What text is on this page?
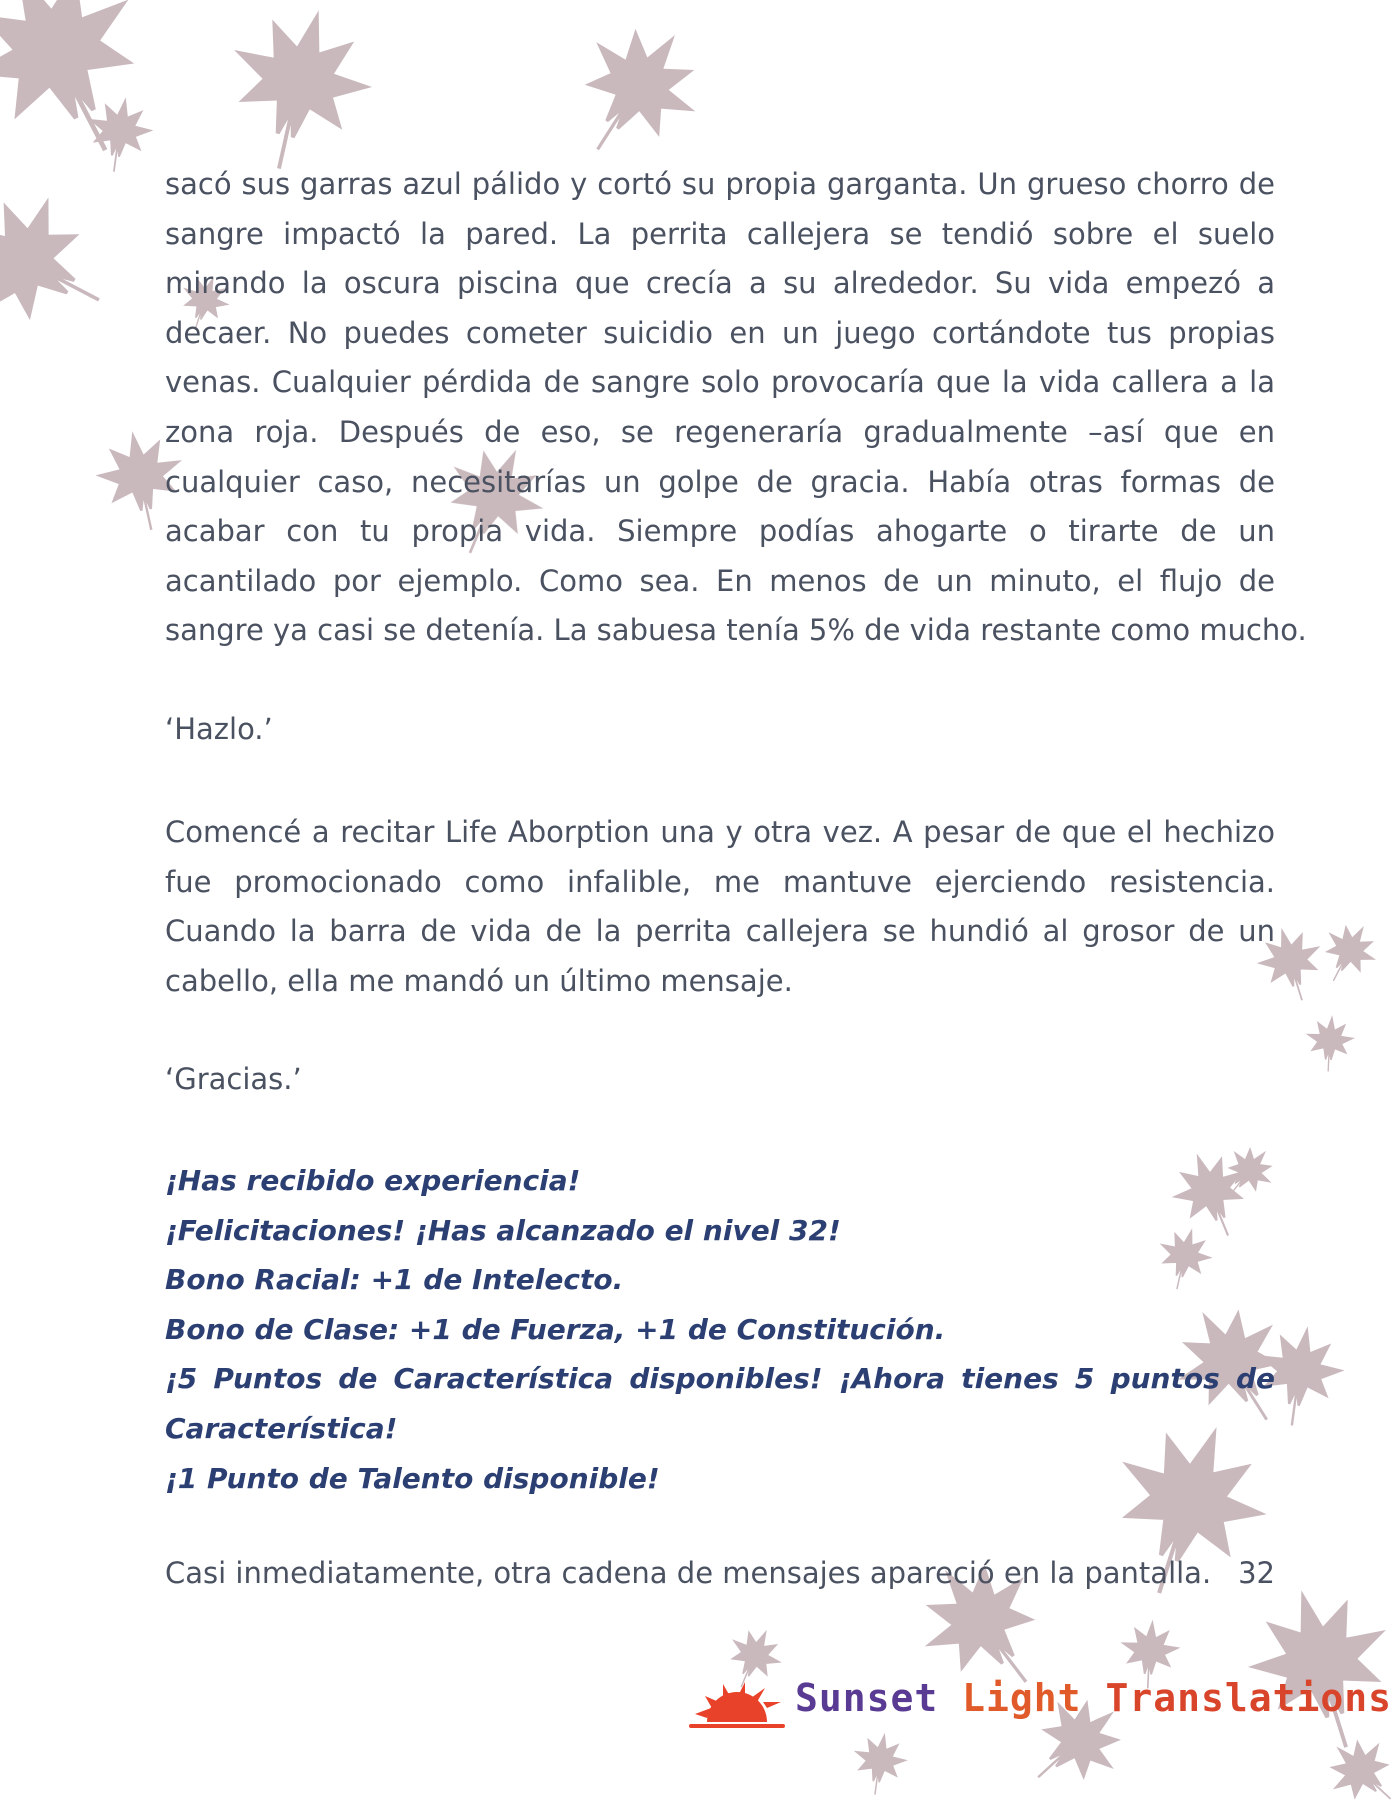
sacó sus garras azul pálido y cortó su propia garganta. Un grueso chorro de
sangre impactó la pared. La perrita callejera se tendió sobre el suelo
mirando la oscura piscina que crecía a su alrededor. Su vida empezó a
decaer. No puedes cometer suicidio en un juego cortándote tus propias
venas. Cualquier pérdida de sangre solo provocaría que la vida callera a la
zona roja. Después de eso, se regeneraría gradualmente –así que en
cualquier caso, necesitarías un golpe de gracia. Había otras formas de
acabar con tu propia vida. Siempre podías ahogarte o tirarte de un
acantilado por ejemplo. Como sea. En menos de un minuto, el flujo de
sangre ya casi se detenía. La sabuesa tenía 5% de vida restante como mucho.
‘Hazlo.’
Comencé a recitar Life Aborption una y otra vez. A pesar de que el hechizo
fue promocionado como infalible, me mantuve ejerciendo resistencia.
Cuando la barra de vida de la perrita callejera se hundió al grosor de un
cabello, ella me mandó un último mensaje.
‘Gracias.’
¡Has recibido experiencia!
¡Felicitaciones! ¡Has alcanzado el nivel 32!
Bono Racial: +1 de Intelecto.
Bono de Clase: +1 de Fuerza, +1 de Constitución.
¡5 Puntos de Característica disponibles! ¡Ahora tienes 5 puntos de
Característica!
¡1 Punto de Talento disponible!
Casi inmediatamente, otra cadena de mensajes apareció en la pantalla. 32
Sunset Light Translations
